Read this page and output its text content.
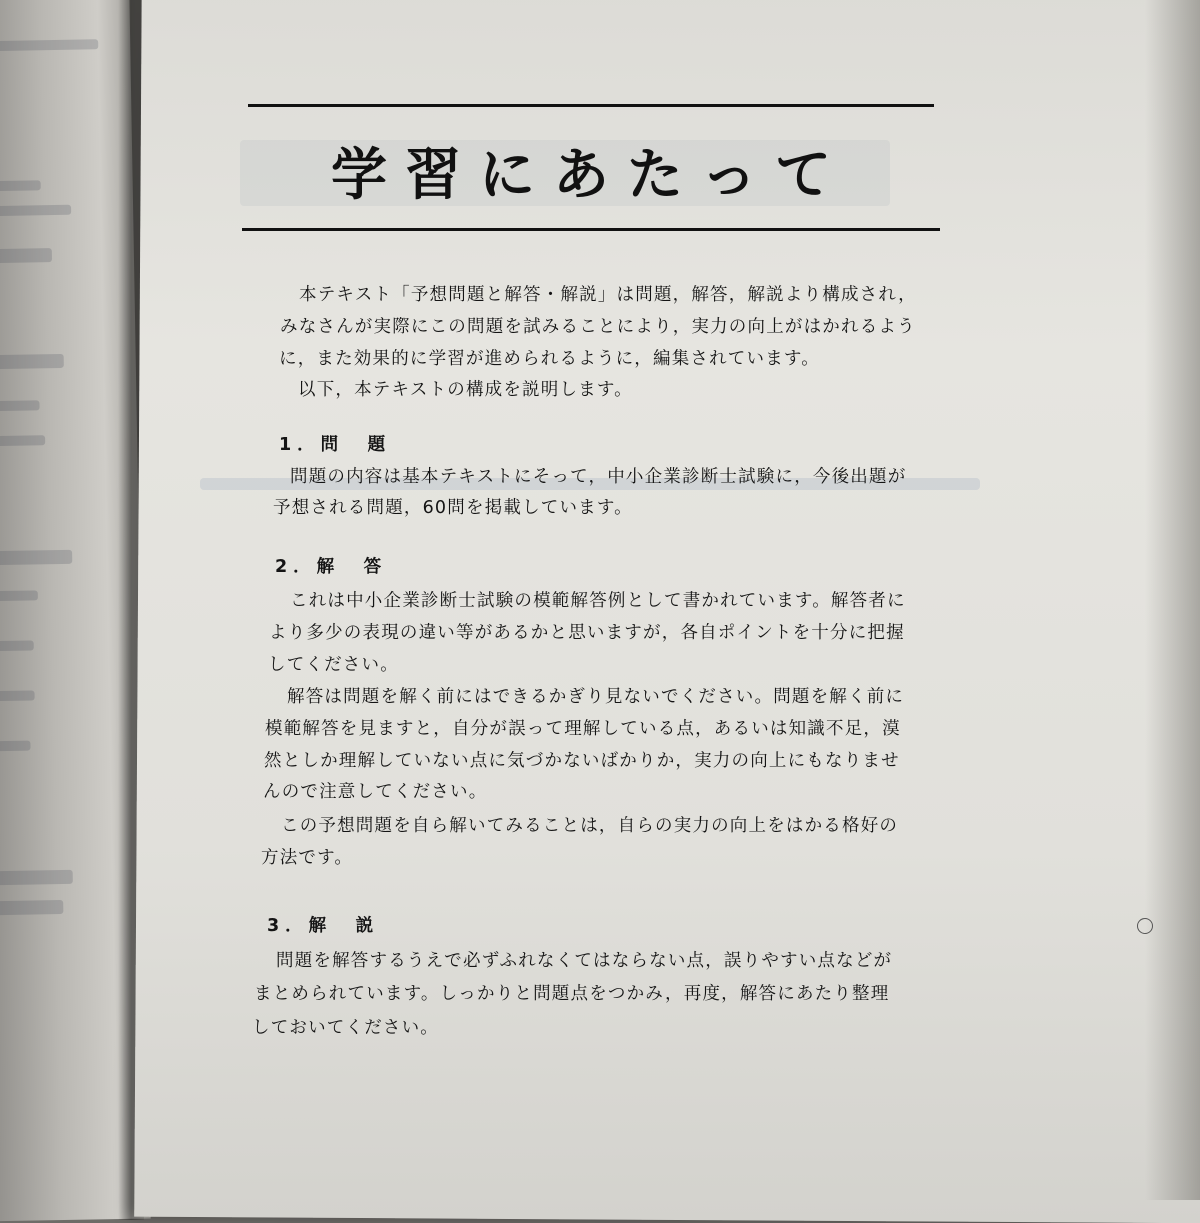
学習にあたって

本テキスト「予想問題と解答・解説」は問題，解答，解説より構成され，

みなさんが実際にこの問題を試みることにより，実力の向上がはかれるよう

に，また効果的に学習が進められるように，編集されています。

以下，本テキストの構成を説明します。

1．問　題

問題の内容は基本テキストにそって，中小企業診断士試験に，今後出題が

予想される問題，60問を掲載しています。

2．解　答

これは中小企業診断士試験の模範解答例として書かれています。解答者に

より多少の表現の違い等があるかと思いますが，各自ポイントを十分に把握

してください。

解答は問題を解く前にはできるかぎり見ないでください。問題を解く前に

模範解答を見ますと，自分が誤って理解している点，あるいは知識不足，漠

然としか理解していない点に気づかないばかりか，実力の向上にもなりませ

んので注意してください。

この予想問題を自ら解いてみることは，自らの実力の向上をはかる格好の

方法です。

3．解　説

問題を解答するうえで必ずふれなくてはならない点，誤りやすい点などが

まとめられています。しっかりと問題点をつかみ，再度，解答にあたり整理

しておいてください。
